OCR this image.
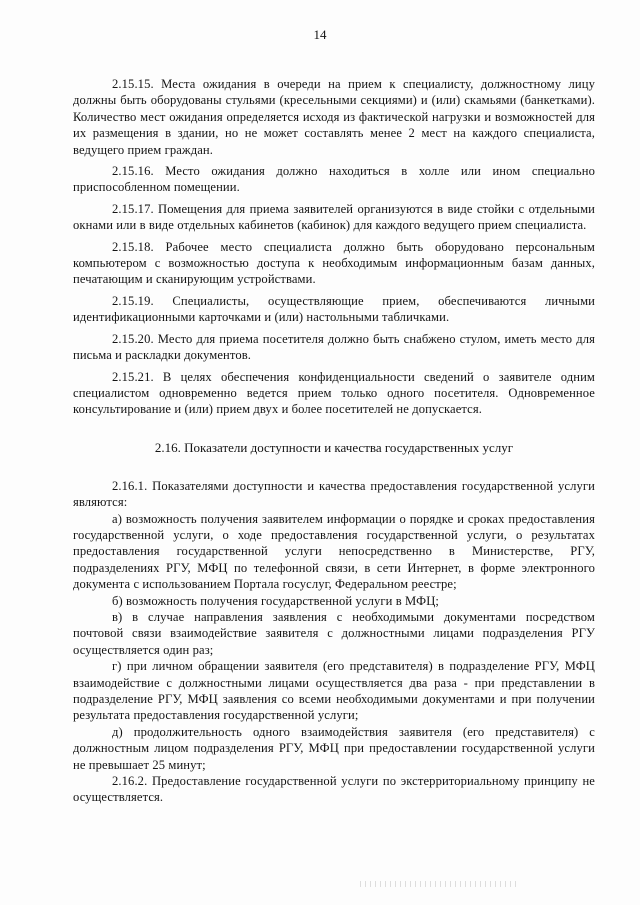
14

2.15.15. Места ожидания в очереди на прием к специалисту, должностному лицу должны быть оборудованы стульями (кресельными секциями) и (или) скамьями (банкетками). Количество мест ожидания определяется исходя из фактической нагрузки и возможностей для их размещения в здании, но не может составлять менее 2 мест на каждого специалиста, ведущего прием граждан.

2.15.16. Место ожидания должно находиться в холле или ином специально приспособленном помещении.

2.15.17. Помещения для приема заявителей организуются в виде стойки с отдельными окнами или в виде отдельных кабинетов (кабинок) для каждого ведущего прием специалиста.

2.15.18. Рабочее место специалиста должно быть оборудовано персональным компьютером с возможностью доступа к необходимым информационным базам данных, печатающим и сканирующим устройствами.

2.15.19. Специалисты, осуществляющие прием, обеспечиваются личными идентификационными карточками и (или) настольными табличками.

2.15.20. Место для приема посетителя должно быть снабжено стулом, иметь место для письма и раскладки документов.

2.15.21. В целях обеспечения конфиденциальности сведений о заявителе одним специалистом одновременно ведется прием только одного посетителя. Одновременное консультирование и (или) прием двух и более посетителей не допускается.

2.16. Показатели доступности и качества государственных услуг

2.16.1. Показателями доступности и качества предоставления государственной услуги являются:

а) возможность получения заявителем информации о порядке и сроках предоставления государственной услуги, о ходе предоставления государственной услуги, о результатах предоставления государственной услуги непосредственно в Министерстве, РГУ, подразделениях РГУ, МФЦ по телефонной связи, в сети Интернет, в форме электронного документа с использованием Портала госуслуг, Федеральном реестре;

б) возможность получения государственной услуги в МФЦ;

в) в случае направления заявления с необходимыми документами посредством почтовой связи взаимодействие заявителя с должностными лицами подразделения РГУ осуществляется один раз;

г) при личном обращении заявителя (его представителя) в подразделение РГУ, МФЦ взаимодействие с должностными лицами осуществляется два раза - при представлении в подразделение РГУ, МФЦ заявления со всеми необходимыми документами и при получении результата предоставления государственной услуги;

д) продолжительность одного взаимодействия заявителя (его представителя) с должностным лицом подразделения РГУ, МФЦ при предоставлении государственной услуги не превышает 25 минут;

2.16.2. Предоставление государственной услуги по экстерриториальному принципу не осуществляется.
